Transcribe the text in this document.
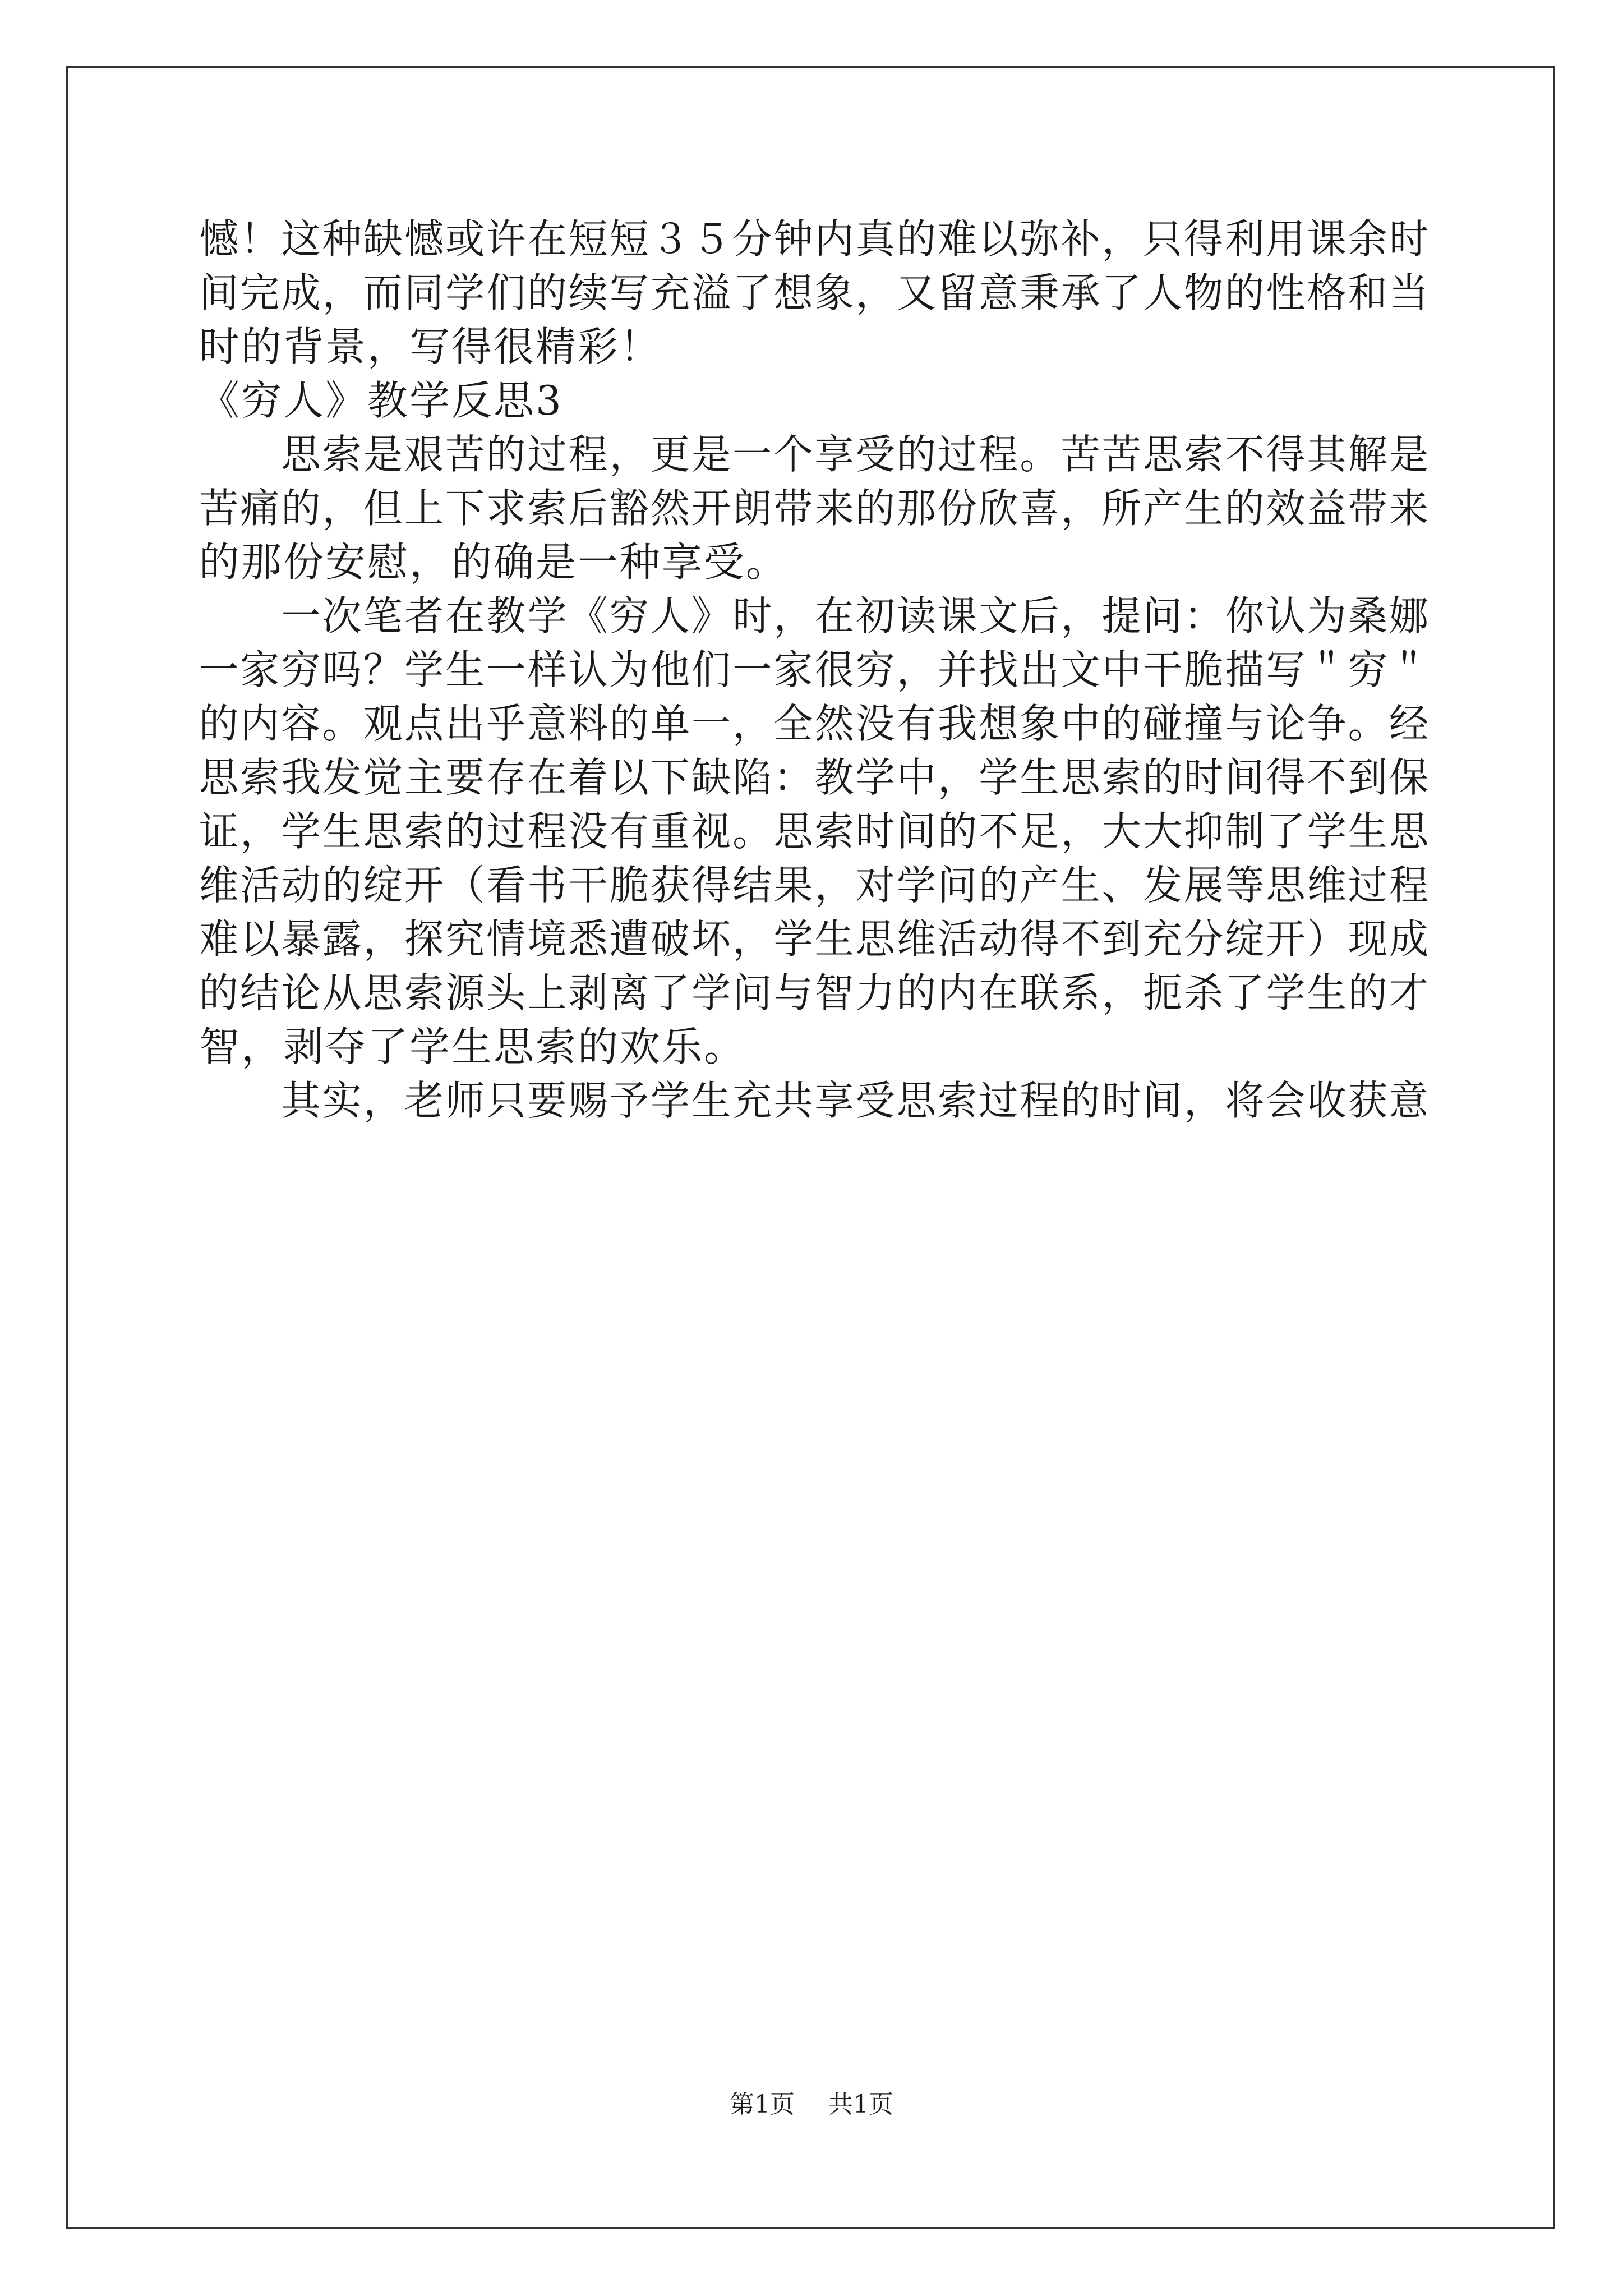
憾！这种缺憾或许在短短３５分钟内真的难以弥补，只得利用课余时
间完成，而同学们的续写充溢了想象，又留意秉承了人物的性格和当
时的背景，写得很精彩！
《穷人》教学反思3
　　思索是艰苦的过程，更是一个享受的过程。苦苦思索不得其解是
苦痛的，但上下求索后豁然开朗带来的那份欣喜，所产生的效益带来
的那份安慰，的确是一种享受。
　　一次笔者在教学《穷人》时，在初读课文后，提问：你认为桑娜
一家穷吗？学生一样认为他们一家很穷，并找出文中干脆描写＂穷＂
的内容。观点出乎意料的单一，全然没有我想象中的碰撞与论争。经
思索我发觉主要存在着以下缺陷：教学中，学生思索的时间得不到保
证，学生思索的过程没有重视。思索时间的不足，大大抑制了学生思
维活动的绽开（看书干脆获得结果，对学问的产生、发展等思维过程
难以暴露，探究情境悉遭破坏，学生思维活动得不到充分绽开）现成
的结论从思索源头上剥离了学问与智力的内在联系，扼杀了学生的才
智，剥夺了学生思索的欢乐。
　　其实，老师只要赐予学生充共享受思索过程的时间，将会收获意
第1页 共1页
